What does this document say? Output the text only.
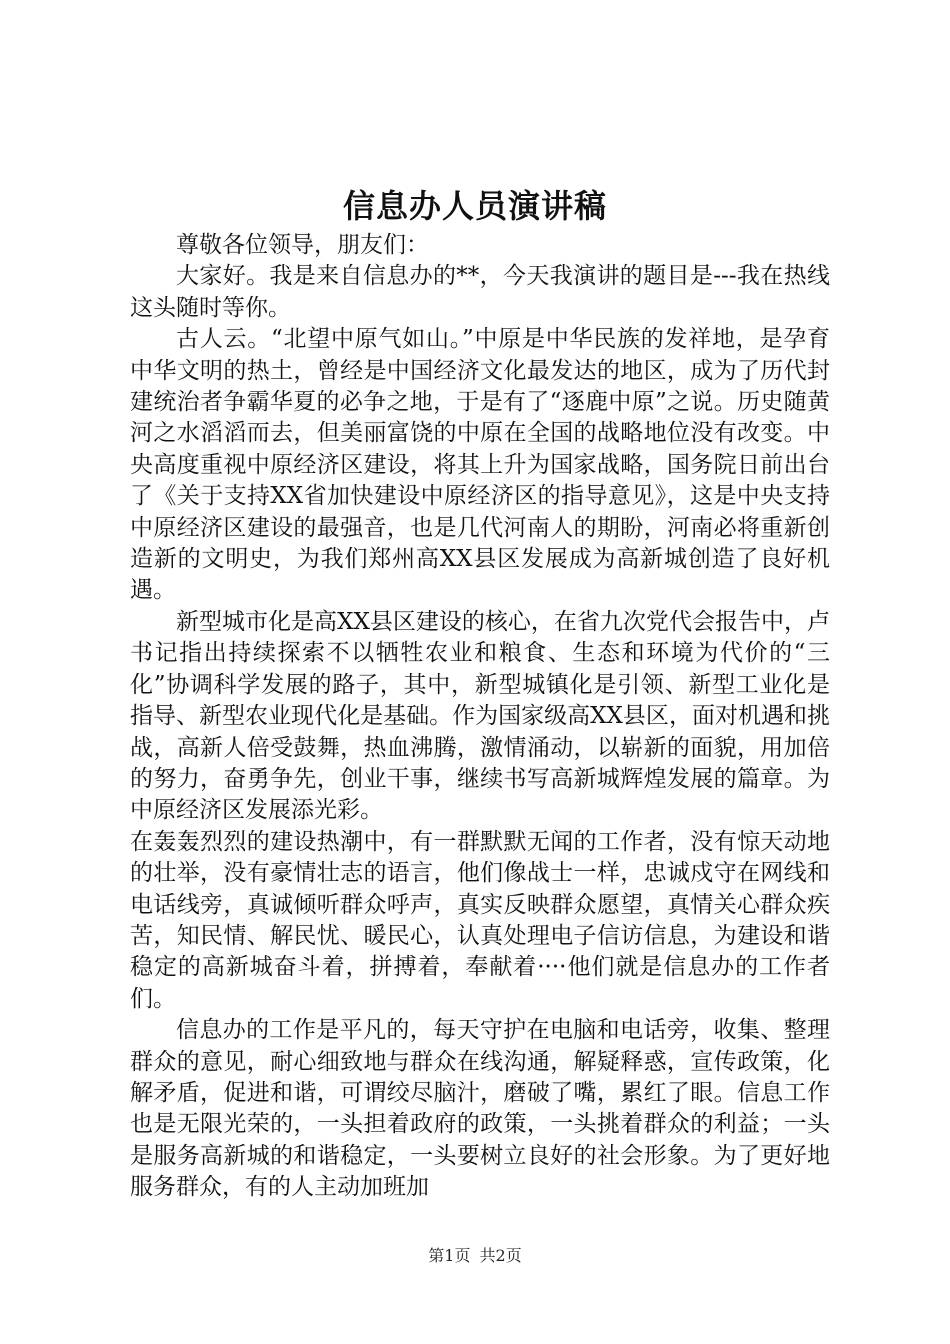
信息办人员演讲稿

尊敬各位领导，朋友们：

大家好。我是来自信息办的**，今天我演讲的题目是---我在热线这头随时等你。

古人云。“北望中原气如山。”中原是中华民族的发祥地，是孕育中华文明的热土，曾经是中国经济文化最发达的地区，成为了历代封建统治者争霸华夏的必争之地，于是有了“逐鹿中原”之说。历史随黄河之水滔滔而去，但美丽富饶的中原在全国的战略地位没有改变。中央高度重视中原经济区建设，将其上升为国家战略，国务院日前出台了《关于支持XX省加快建设中原经济区的指导意见》，这是中央支持中原经济区建设的最强音，也是几代河南人的期盼，河南必将重新创造新的文明史，为我们郑州高XX县区发展成为高新城创造了良好机遇。

新型城市化是高XX县区建设的核心，在省九次党代会报告中，卢书记指出持续探索不以牺牲农业和粮食、生态和环境为代价的“三化”协调科学发展的路子，其中，新型城镇化是引领、新型工业化是指导、新型农业现代化是基础。作为国家级高XX县区，面对机遇和挑战，高新人倍受鼓舞，热血沸腾，激情涌动，以崭新的面貌，用加倍的努力，奋勇争先，创业干事，继续书写高新城辉煌发展的篇章。为中原经济区发展添光彩。

在轰轰烈烈的建设热潮中，有一群默默无闻的工作者，没有惊天动地的壮举，没有豪情壮志的语言，他们像战士一样，忠诚戍守在网线和电话线旁，真诚倾听群众呼声，真实反映群众愿望，真情关心群众疾苦，知民情、解民忧、暖民心，认真处理电子信访信息，为建设和谐稳定的高新城奋斗着，拼搏着，奉献着····他们就是信息办的工作者们。

信息办的工作是平凡的，每天守护在电脑和电话旁，收集、整理群众的意见，耐心细致地与群众在线沟通，解疑释惑，宣传政策，化解矛盾，促进和谐，可谓绞尽脑汁，磨破了嘴，累红了眼。信息工作也是无限光荣的，一头担着政府的政策，一头挑着群众的利益；一头是服务高新城的和谐稳定，一头要树立良好的社会形象。为了更好地服务群众，有的人主动加班加

第1页 共2页
